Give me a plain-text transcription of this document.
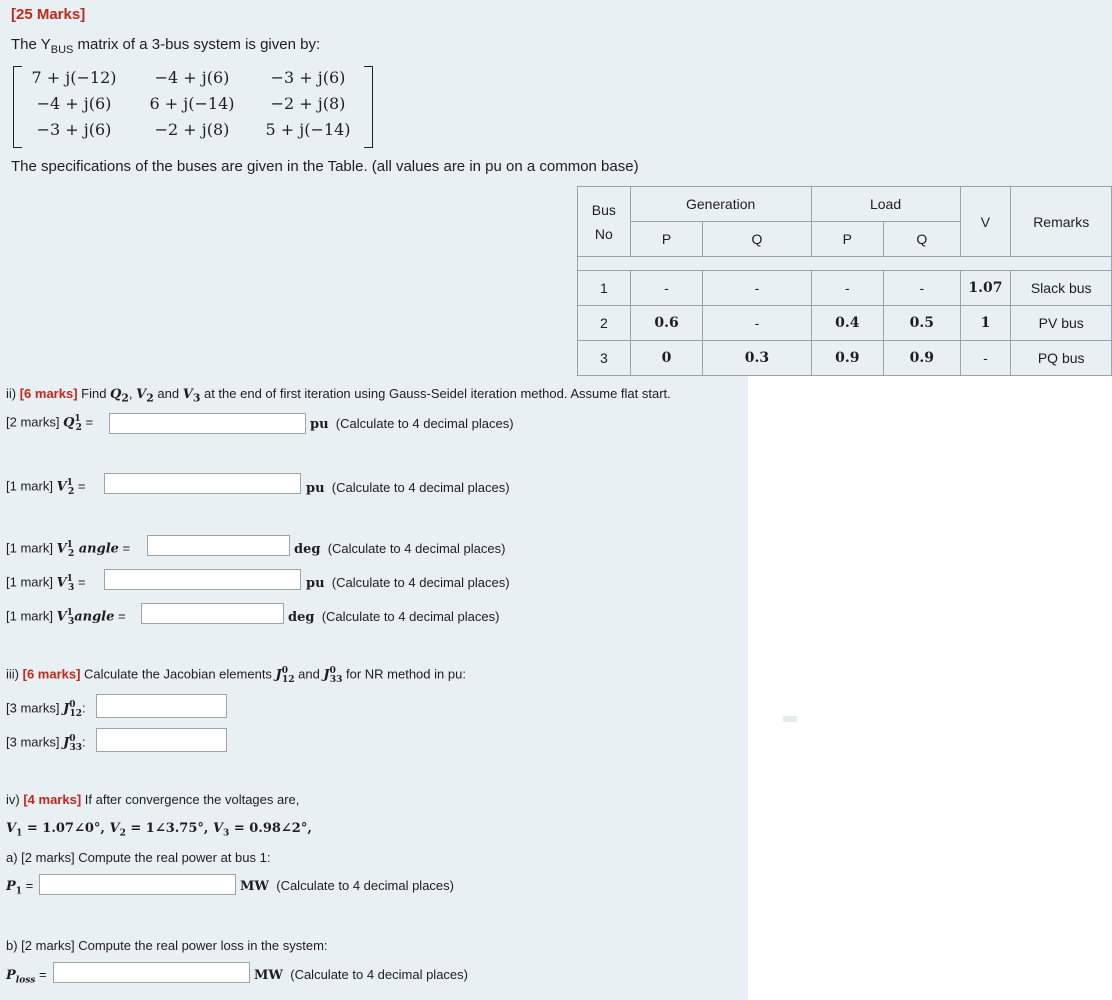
[25 Marks]
The $Y_{BUS}$ matrix of a 3-bus system is given by:
7 + j(−12)	−4 + j(6)	−3 + j(6)
−4 + j(6)	6 + j(−14)	−2 + j(8)
−3 + j(6)	−2 + j(8)	5 + j(−14)
The specifications of the buses are given in the Table. (all values are in pu on a common base)
Bus
No	Generation		Load		V	Remarks
	P	Q	P	Q		

1	-	-	-	-	1.07	Slack bus
2	0.6	-	0.4	0.5	1	PV bus
3	0	0.3	0.9	0.9	-	PQ bus
ii) [6 marks] Find $Q_2$, $V_2$ and $V_3$ at the end of first iteration using Gauss-Seidel iteration method. Assume flat start.
[2 marks] $Q^1_2$ =	pu (Calculate to 4 decimal places)
[1 mark] $V^1_2$ =	pu (Calculate to 4 decimal places)
[1 mark] $V^1_2$ angle =	deg (Calculate to 4 decimal places)
[1 mark] $V^1_3$ =	pu (Calculate to 4 decimal places)
[1 mark] $V^1_3angle$ =	deg (Calculate to 4 decimal places)
iii) [6 marks] Calculate the Jacobian elements $J^0_{12}$ and $J^0_{33}$ for NR method in pu:
[3 marks] $J^0_{12}$:
[3 marks] $J^0_{33}$:
iv) [4 marks] If after convergence the voltages are,
$V_1$ = 1.07∠0°, $V_2$ = 1∠3.75°, $V_3$ = 0.98∠2°,
a) [2 marks] Compute the real power at bus 1:
$P_1$ =	MW (Calculate to 4 decimal places)
b) [2 marks] Compute the real power loss in the system:
$P_{loss}$ =	MW (Calculate to 4 decimal places)
